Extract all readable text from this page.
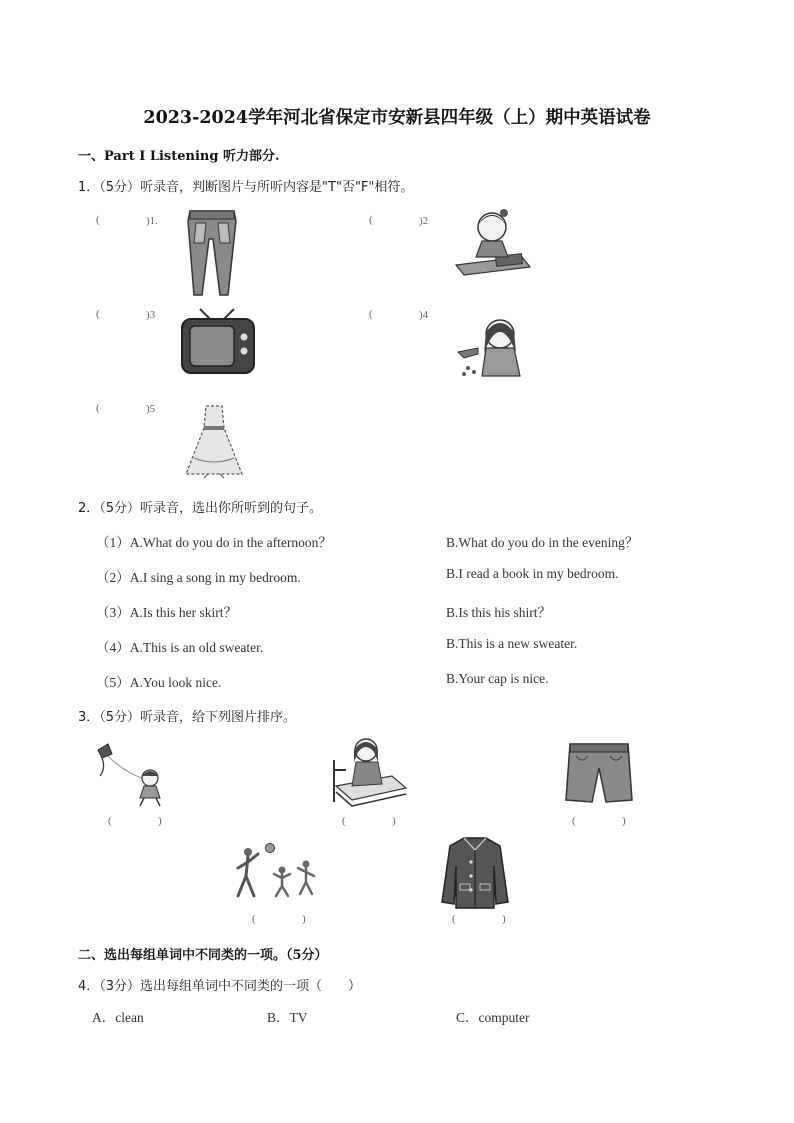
2023-2024学年河北省保定市安新县四年级（上）期中英语试卷
一、Part I Listening 听力部分.
1．（5分）听录音，判断图片与所听内容是"T"否"F"相符。
(	)1.	(	)2
(	)3	(	)4
(	)5
2．（5分）听录音，选出你所听到的句子。
（1）A.What do you do in the afternoon？	B.What do you do in the evening？
（2）A.I sing a song in my bedroom.	B.I read a book in my bedroom.
（3）A.Is this her skirt？	B.Is this his shirt？
（4）A.This is an old sweater.	B.This is a new sweater.
（5）A.You look nice.	B.Your cap is nice.
3．（5分）听录音，给下列图片排序。
(	)	(	)	(	)
(	)	(	)
二、选出每组单词中不同类的一项。（5分）
4．（3分）选出每组单词中不同类的一项（　　）
A．clean	B．TV	C．computer
